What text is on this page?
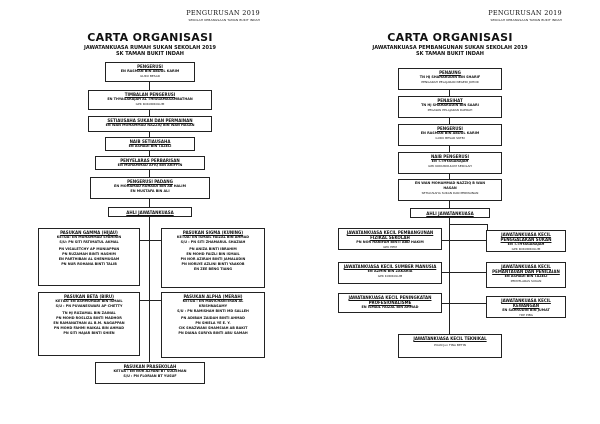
PENGURUSAN 2019
SEKOLAH KEBANGSAAN TAMAN BUKIT INDAH
CARTA ORGANISASI
JAWATANKUASA RUMAH SUKAN SEKOLAH 2019
SK TAMAN BUKIT INDAH
PENGERUSI
EN RASMAN BIN ABDUL KARIM
GURU BESAR
TIMBALAN PENGERUSI
EN THYAGARAJAH AL THIGGAMASAMBATHAN
GPK KOKURIKULUM
SETIAUSAHA SUKAN DAN PERMAINAN
EN WAN MOHAMMAD NAZZIQ BIN WAN HASAN
NAIB SETIAUSAHA
EN ASHADI BIN TAZELI
PENYELARAS PERBARISAN
EN MUHAMMAD AFIQ BIN ARIFFIN
PENGERUSI PADANG
EN MOHAMAD RUHAIDI BIN AB HALIM
EN MUSTAFA BIN ALI
AHLI JAWATANKUASA
PASUKAN GAMMA (HIJAU)
KETUA: EN MUHAMMAD SYAHIRIN
S/U: PN SITI FATIMATUL AKMAL
PN VISALETCHY AP MUNIAPPAN
PN RUZAMAH BINTI HASHIM
EN PARTHIBAN AL SHENMUGAM
PN NUR ROHANA BINTI TALIB
PASUKAN SIGMA (KUNING)
KETUA: EN ISMAIL FAIZAL BIN AHMAD
S/U : PN SITI ZHAMARUL SHAZIAH
PN ANIZA BINTI IBRAHIM
EN MOHD FAIZLI BIN ISMAIL
PN NOR AZIRAH BINTI JAMALUDIN
PN NORLYE AZLINI BINTI YAAKOB
EN ZEE BENG TIANG
PASUKAN BETA (BIRU)
KETUA: EN ASHMUHADI BIN ISMAIL
S/U : PN PUVANESWARI AP CHETTY
TN HJ RUZAMAL BIN ZAINAL
PN MOHD ROSLIZA BINTI MADHOR
EN RAMANATHAN AL B.M. NAGAPPAN
PN MOHD FAHMI HAIKAL BIN AHMAD
PN SITI HAJAR BINTI SHIEN
PASUKAN ALPHA (MERAH)
KETUA : EN MAVICHANTIRAN AL
KRISHNASAMY
S/U : PN RAMISHAH BINTI MD SALLEH
PN ADIBAH ZAIDAH BINTI AHMAD
PN SHIELA YE E. Y.
CIK SHAZWANI SHAMSIAH AB BAKIT
PN DIANA SURIYA BINTI ABU SAMAH
PASUKAN PRASEKOLAH
KETUA : EN NOR AZYANI BT SULIEMAN
S/U : PN FLORIAN BT YUSUF
PENGURUSAN 2019
SEKOLAH KEBANGSAAN TAMAN BUKIT INDAH
CARTA ORGANISASI
JAWATANKUASA PEMBANGUNAN SUKAN SEKOLAH 2019
SK TAMAN BUKIT INDAH
PENAUNG
TN HJ SHAHARUDIN BIN SHARIF
PENGARAH PELAJARAN NEGERI JOHOR
PENASIHAT
TN HJ SHAHARUDIN BIN SAARI
PEGAWAI PELAJARAN DAERAH
PENGERUSI
EN RASMAN BIN ABDUL KARIM
GURU BESAR SKTBI
NAIB PENGERUSI
EN T.THYAGARAJAH
GPK KOKURIKULUM SEKOLAH
EN WAN MOHAMMAD NAZZIQ B WAN
HASAN
SETIAUSAHA SUKAN DAN PERMAINAN
AHLI JAWATANKUASA
JAWATANKUASA KECIL PEMBANGUNAN FIZIKAL SEKOLAH
PN NOR HANIFAH BINTI ABD HAKIM
GPK HEM
JAWATANKUASA KECIL PENGGALAKAN SUKAN
EN T.THYAGARAJAH
GPK KOKURIKULUM
JAWATANKUASA KECIL SUMBER MANUSIA
EN AZMIN BIN ZAKARIA
GPK KURIKULUM
JAWATANKUASA KECIL PEMANTAUAN DAN PENILAIAN
EN ASHADI BIN TAZELI
PENYELARAS SUKAN
JAWATANKUASA KECIL PENINGKATAN PROFESIONALISME
EN ISMAIL FAIZAL BIN AHMAD
JAWATANKUASA KECIL KEWANGAN
EN SAHRUDIN BIN JUMAT
YDP PIBG
JAWATANKUASA KECIL TEKNIKAL
PUAN Jun FINA BETIN
